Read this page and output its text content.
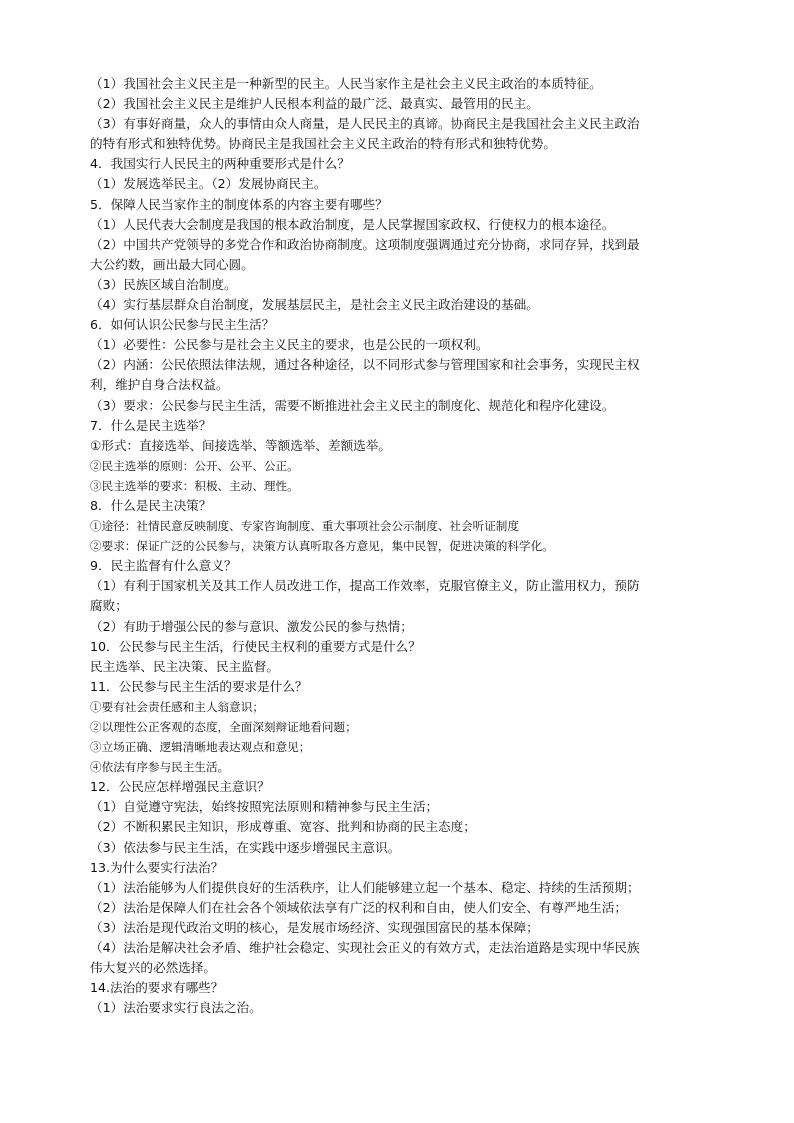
（1）我国社会主义民主是一种新型的民主。人民当家作主是社会主义民主政治的本质特征。
（2）我国社会主义民主是维护人民根本利益的最广泛、最真实、最管用的民主。
（3）有事好商量，众人的事情由众人商量，是人民民主的真谛。协商民主是我国社会主义民主政治
的特有形式和独特优势。协商民主是我国社会主义民主政治的特有形式和独特优势。
4．我国实行人民民主的两种重要形式是什么？
（1）发展选举民主。（2）发展协商民主。
5．保障人民当家作主的制度体系的内容主要有哪些？
（1）人民代表大会制度是我国的根本政治制度，是人民掌握国家政权、行使权力的根本途径。
（2）中国共产党领导的多党合作和政治协商制度。这项制度强调通过充分协商，求同存异，找到最
大公约数，画出最大同心圆。
（3）民族区域自治制度。
（4）实行基层群众自治制度，发展基层民主，是社会主义民主政治建设的基础。
6．如何认识公民参与民主生活？
（1）必要性：公民参与是社会主义民主的要求，也是公民的一项权利。
（2）内涵：公民依照法律法规，通过各种途径，以不同形式参与管理国家和社会事务，实现民主权
利，维护自身合法权益。
（3）要求：公民参与民主生活，需要不断推进社会主义民主的制度化、规范化和程序化建设。
7．什么是民主选举？
①形式：直接选举、间接选举、等额选举、差额选举。
②民主选举的原则：公开、公平、公正。
③民主选举的要求：积极、主动、理性。
8．什么是民主决策？
①途径：社情民意反映制度、专家咨询制度、重大事项社会公示制度、社会听证制度
②要求：保证广泛的公民参与，决策方认真听取各方意见，集中民智，促进决策的科学化。
9．民主监督有什么意义？
（1）有利于国家机关及其工作人员改进工作，提高工作效率，克服官僚主义，防止滥用权力，预防
腐败；
（2）有助于增强公民的参与意识、激发公民的参与热情；
10．公民参与民主生活，行使民主权利的重要方式是什么？
民主选举、民主决策、民主监督。
11．公民参与民主生活的要求是什么？
①要有社会责任感和主人翁意识；
②以理性公正客观的态度，全面深刻辩证地看问题；
③立场正确、逻辑清晰地表达观点和意见；
④依法有序参与民主生活。
12．公民应怎样增强民主意识？
（1）自觉遵守宪法，始终按照宪法原则和精神参与民主生活；
（2）不断积累民主知识，形成尊重、宽容、批判和协商的民主态度；
（3）依法参与民主生活，在实践中逐步增强民主意识。
13.为什么要实行法治？
（1）法治能够为人们提供良好的生活秩序，让人们能够建立起一个基本、稳定、持续的生活预期；
（2）法治是保障人们在社会各个领域依法享有广泛的权利和自由，使人们安全、有尊严地生活；
（3）法治是现代政治文明的核心，是发展市场经济、实现强国富民的基本保障；
（4）法治是解决社会矛盾、维护社会稳定、实现社会正义的有效方式，走法治道路是实现中华民族
伟大复兴的必然选择。
14.法治的要求有哪些？
（1）法治要求实行良法之治。
